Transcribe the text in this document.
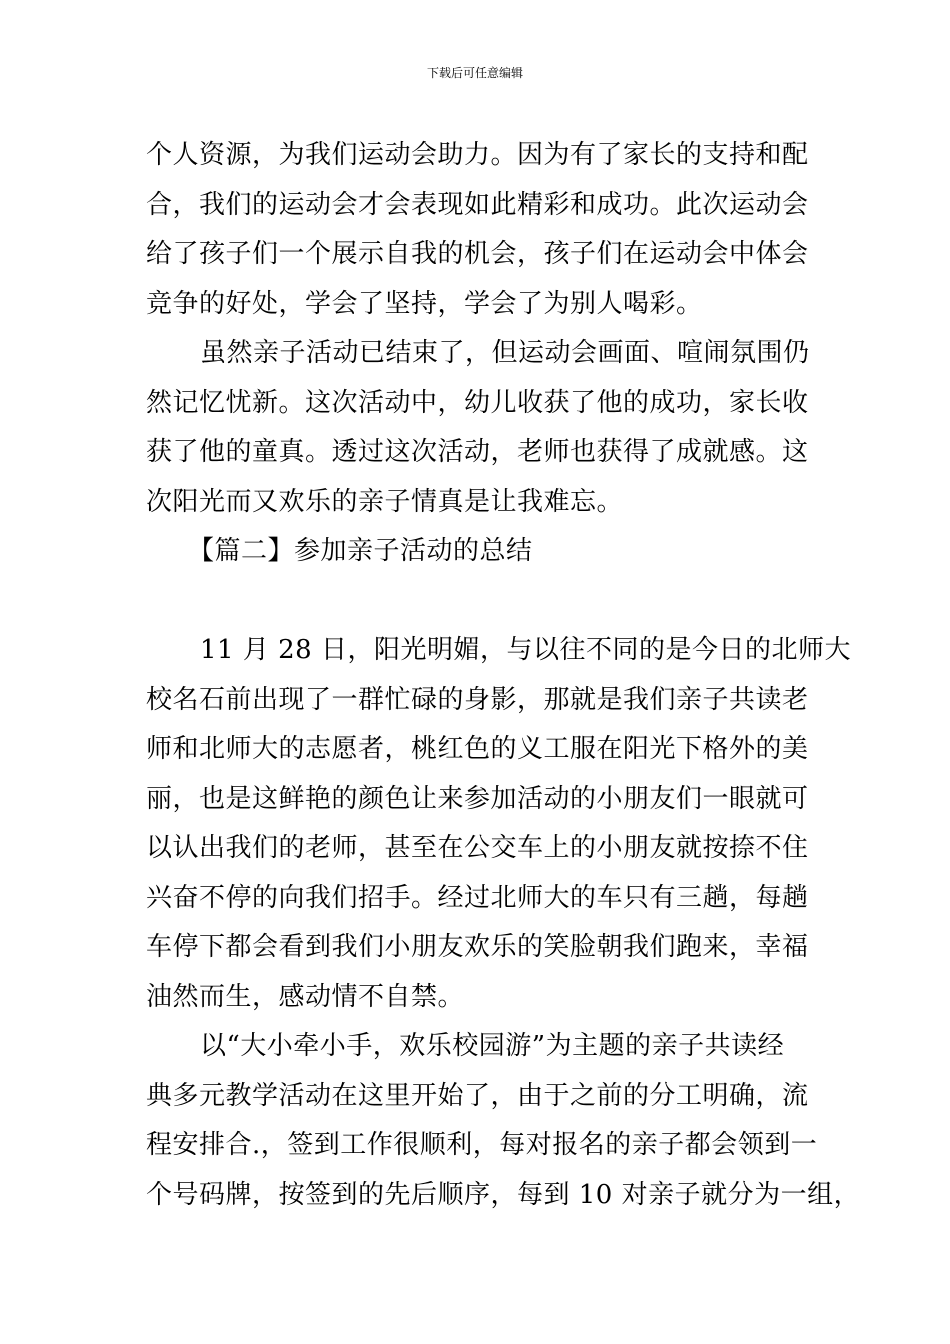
下载后可任意编辑
个人资源，为我们运动会助力。因为有了家长的支持和配
合，我们的运动会才会表现如此精彩和成功。此次运动会
给了孩子们一个展示自我的机会，孩子们在运动会中体会
竞争的好处，学会了坚持，学会了为别人喝彩。
虽然亲子活动已结束了，但运动会画面、喧闹氛围仍
然记忆忧新。这次活动中，幼儿收获了他的成功，家长收
获了他的童真。透过这次活动，老师也获得了成就感。这
次阳光而又欢乐的亲子情真是让我难忘。
【篇二】参加亲子活动的总结
11 月 28 日，阳光明媚，与以往不同的是今日的北师大
校名石前出现了一群忙碌的身影，那就是我们亲子共读老
师和北师大的志愿者，桃红色的义工服在阳光下格外的美
丽，也是这鲜艳的颜色让来参加活动的小朋友们一眼就可
以认出我们的老师，甚至在公交车上的小朋友就按捺不住
兴奋不停的向我们招手。经过北师大的车只有三趟，每趟
车停下都会看到我们小朋友欢乐的笑脸朝我们跑来，幸福
油然而生，感动情不自禁。
以“大小牵小手，欢乐校园游”为主题的亲子共读经
典多元教学活动在这里开始了，由于之前的分工明确，流
程安排合.，签到工作很顺利，每对报名的亲子都会领到一
个号码牌，按签到的先后顺序，每到 10 对亲子就分为一组，
